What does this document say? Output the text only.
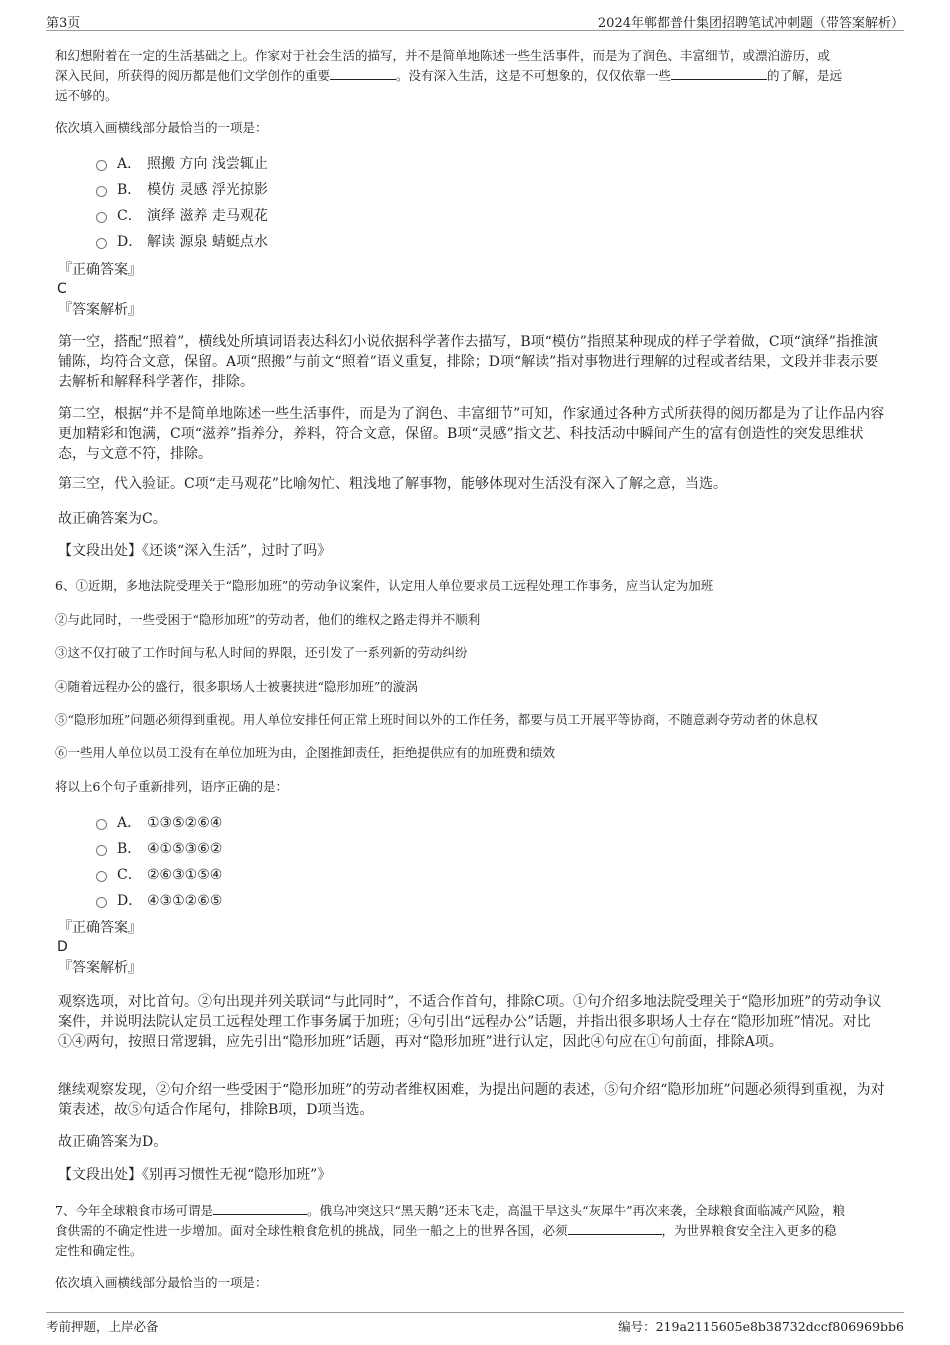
第3页	2024年郸都普什集团招聘笔试冲刺题（带答案解析）
和幻想附着在一定的生活基础之上。作家对于社会生活的描写，并不是简单地陈述一些生活事件，而是为了润色、丰富细节，或漂泊游历，或
深入民间，所获得的阅历都是他们文学创作的重要	。没有深入生活，这是不可想象的，仅仅依靠一些	的了解，是远
远不够的。
依次填入画横线部分最恰当的一项是：
A． 照搬 方向 浅尝辄止
B． 模仿 灵感 浮光掠影
C． 演绎 滋养 走马观花
D． 解读 源泉 蜻蜓点水
『正确答案』
C
『答案解析』

第一空，搭配“照着”，横线处所填词语表达科幻小说依据科学著作去描写，B项“模仿”指照某种现成的样子学着做，C项“演绎”指推演铺陈，均符合文意，保留。A项“照搬”与前文“照着”语义重复，排除；D项“解读”指对事物进行理解的过程或者结果，文段并非表示要去解析和解释科学著作，排除。

第二空，根据“并不是简单地陈述一些生活事件，而是为了润色、丰富细节”可知，作家通过各种方式所获得的阅历都是为了让作品内容更加精彩和饱满，C项“滋养”指养分，养料，符合文意，保留。B项“灵感”指文艺、科技活动中瞬间产生的富有创造性的突发思维状态，与文意不符，排除。

第三空，代入验证。C项“走马观花”比喻匆忙、粗浅地了解事物，能够体现对生活没有深入了解之意，当选。

故正确答案为C。

【文段出处】《还谈“深入生活”，过时了吗》

6、①近期，多地法院受理关于“隐形加班”的劳动争议案件，认定用人单位要求员工远程处理工作事务，应当认定为加班

②与此同时，一些受困于“隐形加班”的劳动者，他们的维权之路走得并不顺利

③这不仅打破了工作时间与私人时间的界限，还引发了一系列新的劳动纠纷

④随着远程办公的盛行，很多职场人士被裹挟进“隐形加班”的漩涡

⑤“隐形加班”问题必须得到重视。用人单位安排任何正常上班时间以外的工作任务，都要与员工开展平等协商，不随意剥夺劳动者的休息权

⑥一些用人单位以员工没有在单位加班为由，企图推卸责任，拒绝提供应有的加班费和绩效

将以上6个句子重新排列，语序正确的是：

A． ①③⑤②⑥④
B． ④①⑤③⑥②
C． ②⑥③①⑤④
D． ④③①②⑥⑤
『正确答案』
D
『答案解析』

观察选项，对比首句。②句出现并列关联词“与此同时”，不适合作首句，排除C项。①句介绍多地法院受理关于“隐形加班”的劳动争议案件，并说明法院认定员工远程处理工作事务属于加班；④句引出“远程办公”话题，并指出很多职场人士存在“隐形加班”情况。对比①④两句，按照日常逻辑，应先引出“隐形加班”话题，再对“隐形加班”进行认定，因此④句应在①句前面，排除A项。

继续观察发现，②句介绍一些受困于“隐形加班”的劳动者维权困难，为提出问题的表述，⑤句介绍“隐形加班”问题必须得到重视，为对策表述，故⑤句适合作尾句，排除B项，D项当选。

故正确答案为D。

【文段出处】《别再习惯性无视“隐形加班”》

7、今年全球粮食市场可谓是	。俄乌冲突这只“黑天鹅”还未飞走，高温干旱这头“灰犀牛”再次来袭，全球粮食面临减产风险，粮
食供需的不确定性进一步增加。面对全球性粮食危机的挑战，同坐一船之上的世界各国，必须	，为世界粮食安全注入更多的稳
定性和确定性。
依次填入画横线部分最恰当的一项是：
考前押题，上岸必备	编号：219a2115605e8b38732dccf806969bb6
